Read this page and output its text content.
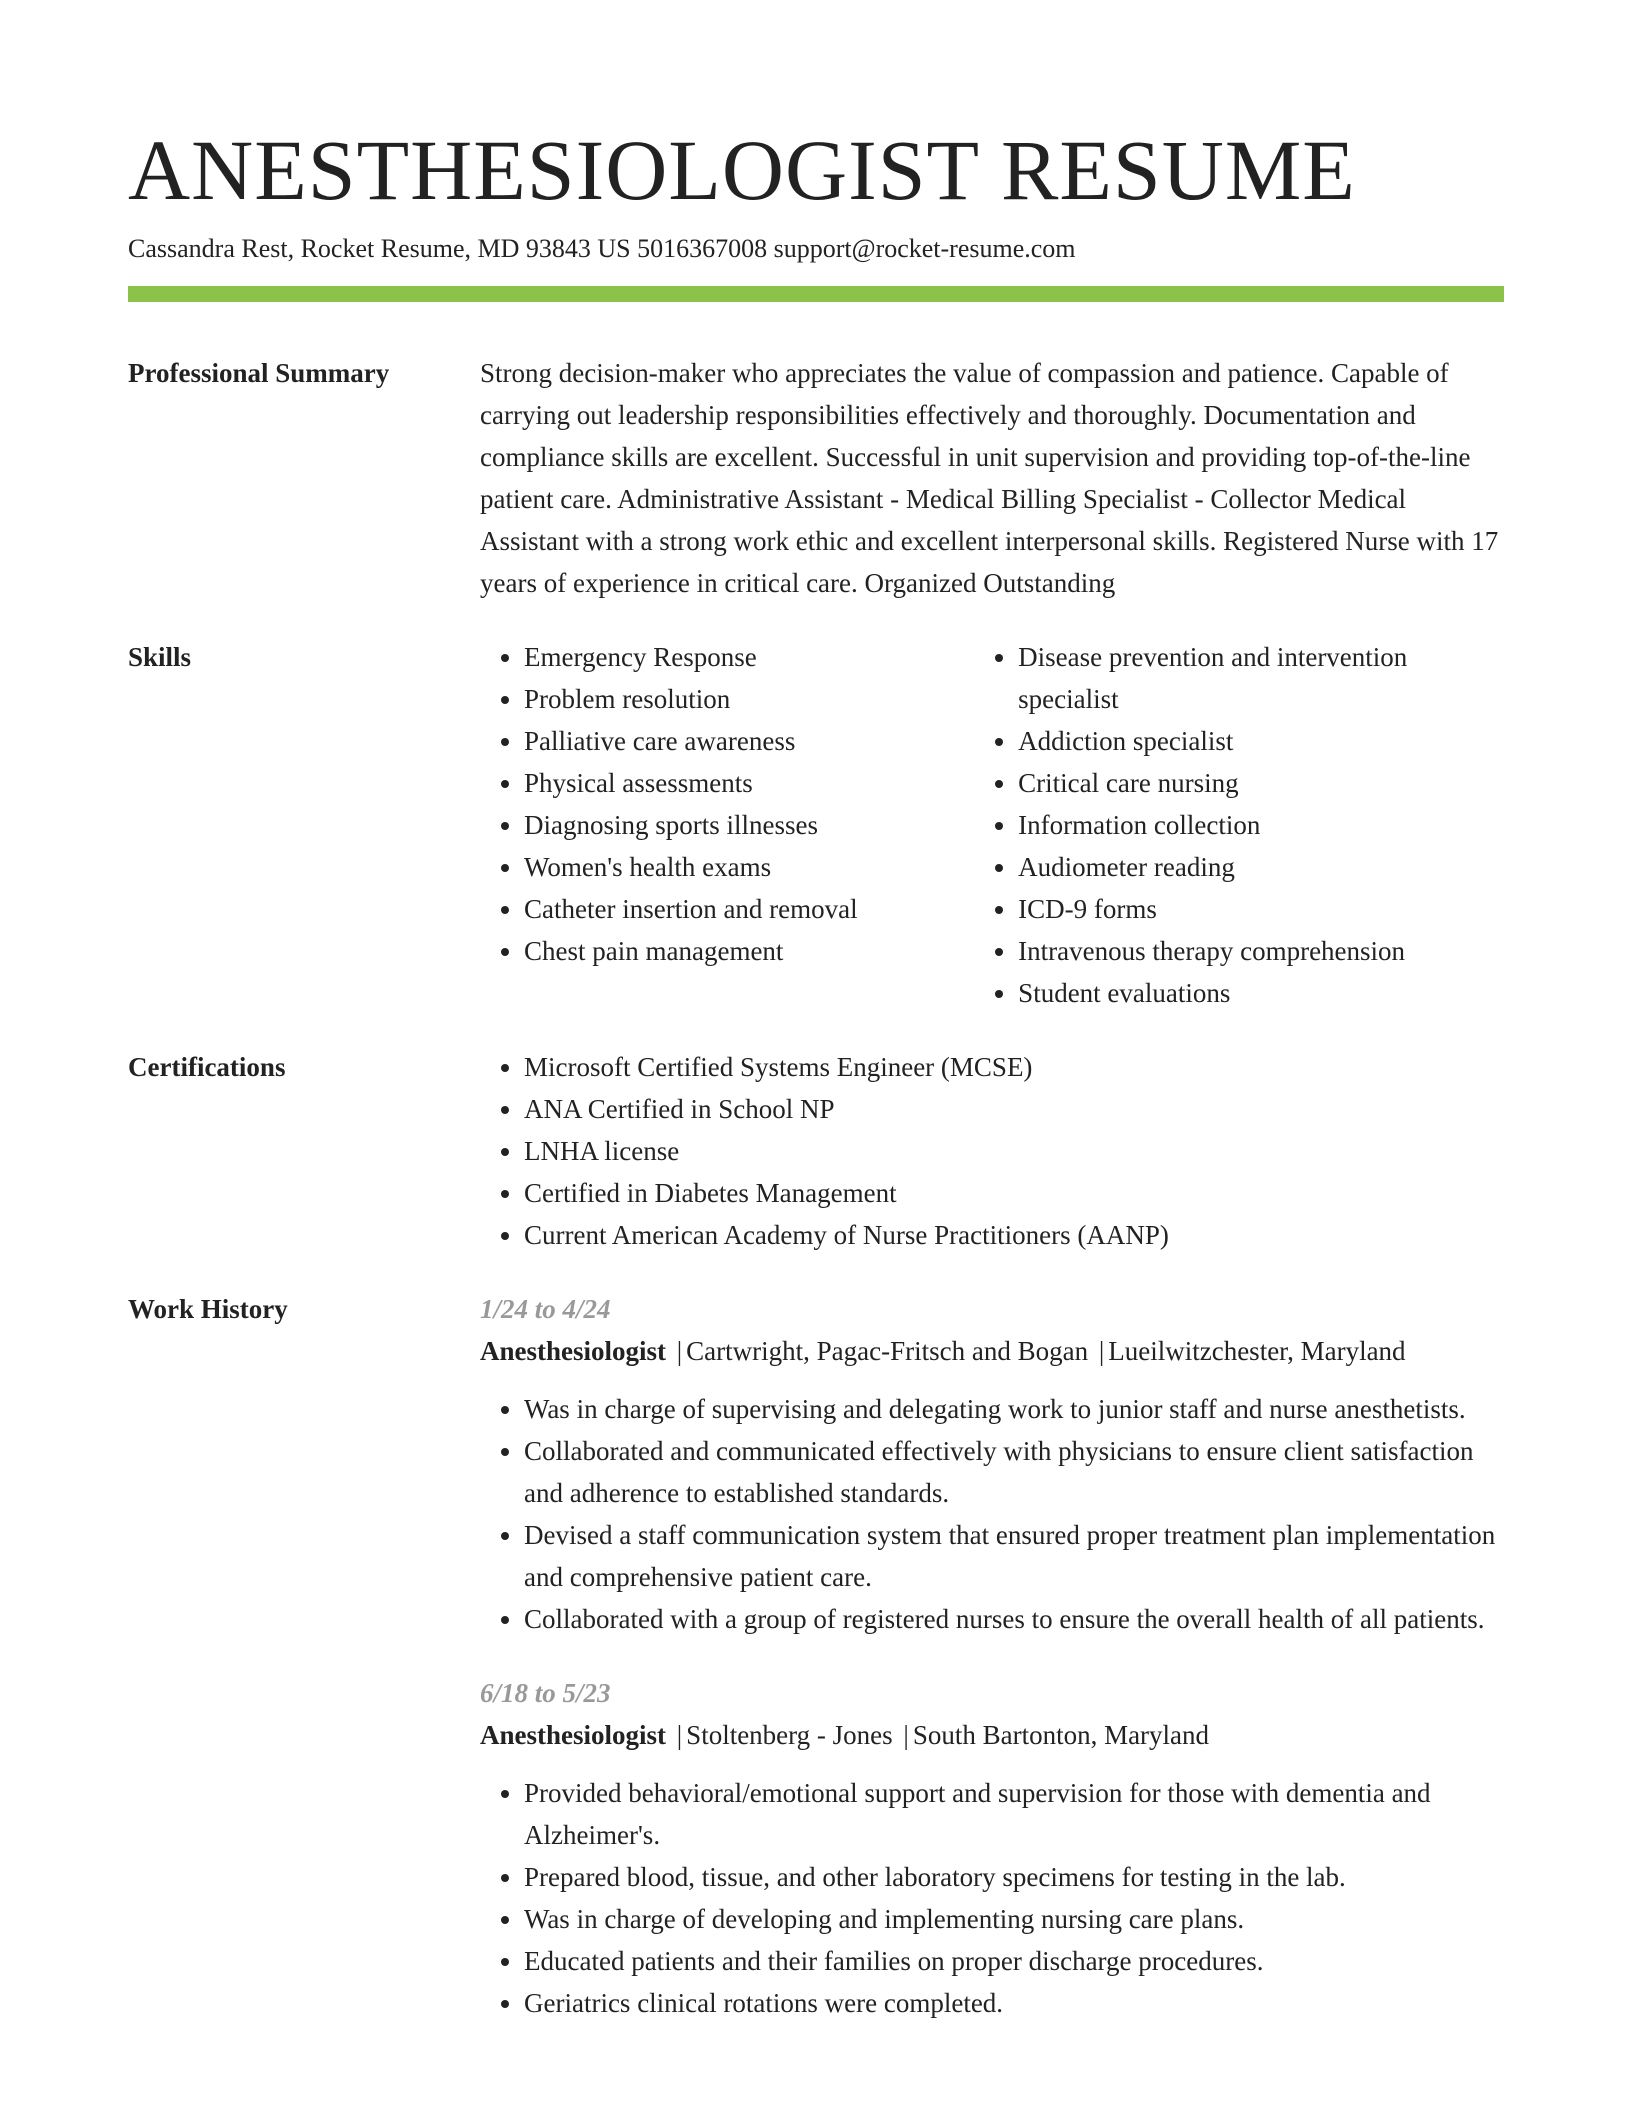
ANESTHESIOLOGIST RESUME
Cassandra Rest, Rocket Resume, MD 93843 US 5016367008 support@rocket-resume.com
Professional Summary	Strong decision-maker who appreciates the value of compassion and patience. Capable of carrying out leadership responsibilities effectively and thoroughly. Documentation and compliance skills are excellent. Successful in unit supervision and providing top-of-the-line patient care. Administrative Assistant - Medical Billing Specialist - Collector Medical Assistant with a strong work ethic and excellent interpersonal skills. Registered Nurse with 17 years of experience in critical care. Organized Outstanding
Skills	• Emergency Response
• Problem resolution
• Palliative care awareness
• Physical assessments
• Diagnosing sports illnesses
• Women's health exams
• Catheter insertion and removal
• Chest pain management
• Disease prevention and intervention specialist
• Addiction specialist
• Critical care nursing
• Information collection
• Audiometer reading
• ICD-9 forms
• Intravenous therapy comprehension
• Student evaluations
Certifications	• Microsoft Certified Systems Engineer (MCSE)
• ANA Certified in School NP
• LNHA license
• Certified in Diabetes Management
• Current American Academy of Nurse Practitioners (AANP)
Work History	1/24 to 4/24
Anesthesiologist | Cartwright, Pagac-Fritsch and Bogan | Lueilwitzchester, Maryland
• Was in charge of supervising and delegating work to junior staff and nurse anesthetists.
• Collaborated and communicated effectively with physicians to ensure client satisfaction and adherence to established standards.
• Devised a staff communication system that ensured proper treatment plan implementation and comprehensive patient care.
• Collaborated with a group of registered nurses to ensure the overall health of all patients.
6/18 to 5/23
Anesthesiologist | Stoltenberg - Jones | South Bartonton, Maryland
• Provided behavioral/emotional support and supervision for those with dementia and Alzheimer's.
• Prepared blood, tissue, and other laboratory specimens for testing in the lab.
• Was in charge of developing and implementing nursing care plans.
• Educated patients and their families on proper discharge procedures.
• Geriatrics clinical rotations were completed.
